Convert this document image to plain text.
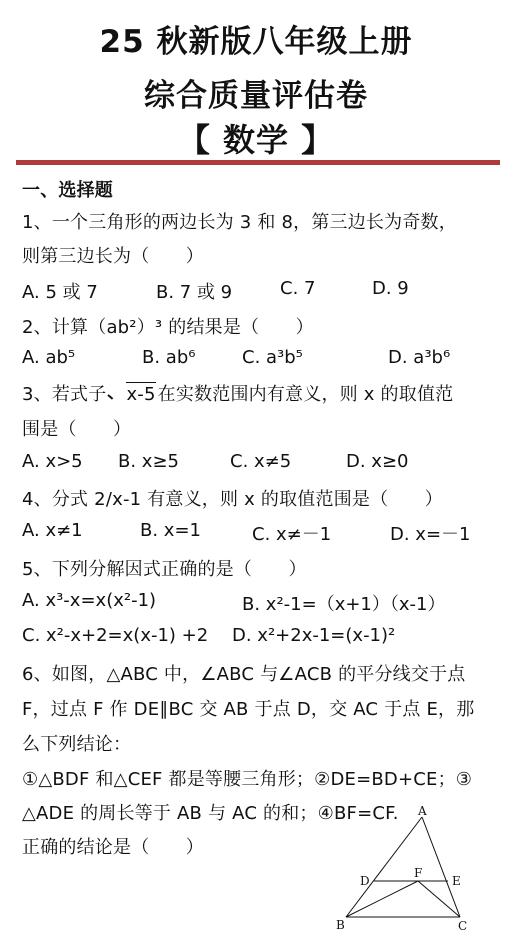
25 秋新版八年级上册
综合质量评估卷
【 数学 】
一、选择题
1、一个三角形的两边长为 3 和 8，第三边长为奇数，
则第三边长为（　　）
A. 5 或 7	B. 7 或 9	C. 7	D. 9
2、计算（ab²）³ 的结果是（　　）
A. ab⁵	B. ab⁶	C. a³b⁵	D. a³b⁶
3、若式子 x-5 在实数范围内有意义，则 x 的取值范
围是（　　）
A. x>5 B. x≥5	C. x≠5	D. x≥0
4、分式 2/x-1 有意义，则 x 的取值范围是（　　）
A. x≠1	B. x=1	C. x≠－1	D. x=－1
5、下列分解因式正确的是（　　）
A. x³-x=x(x²-1)	B. x²-1=（x+1）（x-1）
C. x²-x+2=x(x-1) +2 D. x²+2x-1=(x-1)²
6、如图，△ABC 中，∠ABC 与∠ACB 的平分线交于点
F，过点 F 作 DE∥BC 交 AB 于点 D，交 AC 于点 E，那
么下列结论：
①△BDF 和△CEF 都是等腰三角形；②DE=BD+CE；③
△ADE 的周长等于 AB 与 AC 的和；④BF=CF.
正确的结论是（　　）
A
B	C
D	E
F
